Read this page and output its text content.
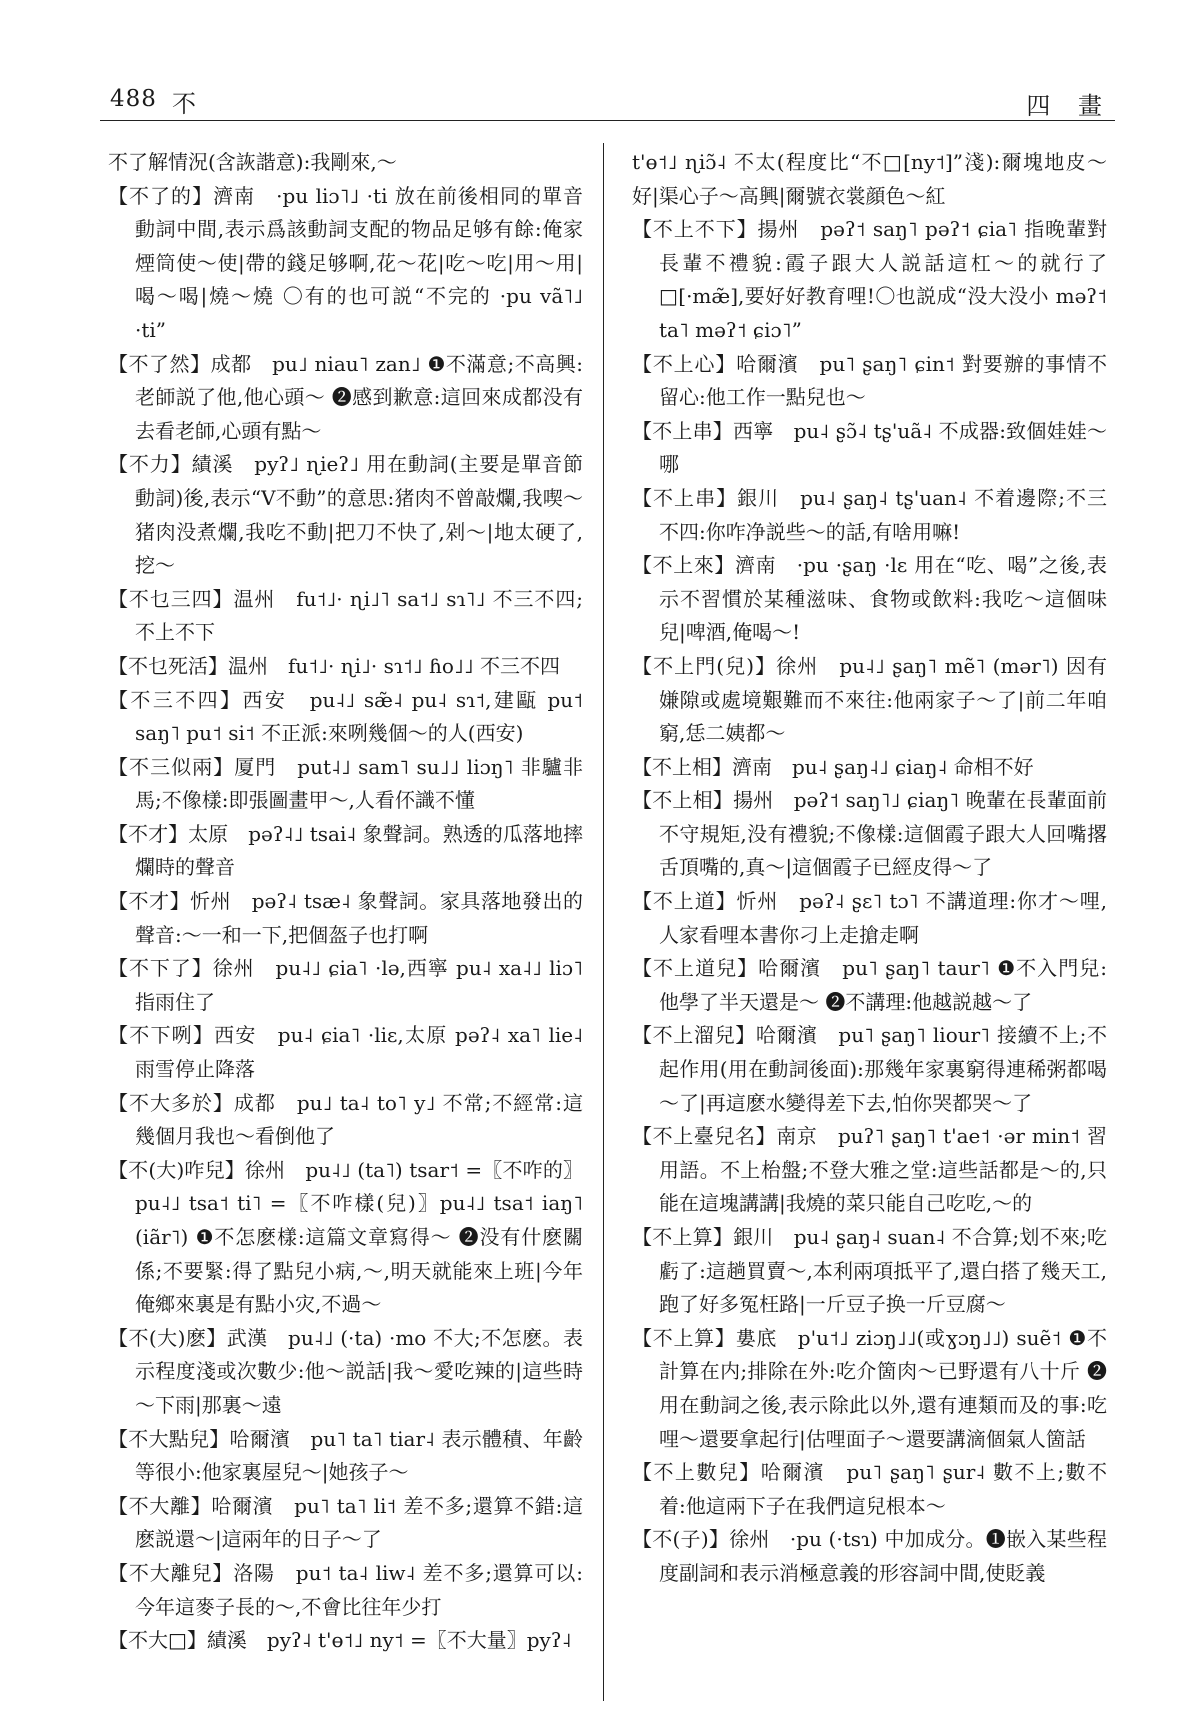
488 不	四 畫

不了解情況(含詼諧意):我剛來,～

【不了的】濟南　·pu liɔ˥˩ ·ti 放在前後相同的單音動詞中間,表示爲該動詞支配的物品足够有餘:俺家煙筒使～使|帶的錢足够啊,花～花|吃～吃|用～用|喝～喝|燒～燒 〇有的也可説“不完的 ·pu vã˥˩ ·ti”

【不了然】成都　pu˩ niau˥ zan˩ ❶不滿意;不高興:老師説了他,他心頭～ ❷感到歉意:這回來成都没有去看老師,心頭有點～

【不力】績溪　pyʔ˩ ɳieʔ˩ 用在動詞(主要是單音節動詞)後,表示“V不動”的意思:猪肉不曾敲爛,我喫～猪肉没煮爛,我吃不動|把刀不快了,剁～|地太硬了,挖～

【不乜三四】温州　fu˦˩· ɳi˩˥ sa˦˩ sɿ˥˩ 不三不四;不上不下

【不乜死活】温州　fu˦˩· ɳi˩· sɿ˦˩ ɦo˩˩ 不三不四

【不三不四】西安　pu˨˩ sæ̃˨ pu˨ sɿ˦,建甌 pu˦ saŋ˥ pu˦ si˦ 不正派:來咧幾個～的人(西安)

【不三似兩】厦門　put˨˩ sam˥ su˩˩ liɔŋ˥ 非驢非馬;不像樣:即張圖畫甲～,人看伓識不懂

【不才】太原　pəʔ˨˩ tsai˨ 象聲詞。熟透的瓜落地摔爛時的聲音

【不才】忻州　pəʔ˨ tsæ˨ 象聲詞。家具落地發出的聲音:～一和一下,把個盔子也打啊

【不下了】徐州　pu˨˩ ɕia˥ ·lə,西寧 pu˨ xa˨˩ liɔ˥ 指雨住了

【不下咧】西安　pu˨ ɕia˥ ·liɛ,太原 pəʔ˨ xa˥ lie˨ 雨雪停止降落

【不大多於】成都　pu˩ ta˨ to˥ y˩ 不常;不經常:這幾個月我也～看倒他了

【不(大)咋兒】徐州　pu˨˩ (ta˥) tsar˦ =〖不咋的〗pu˨˩ tsa˦ ti˥ =〖不咋樣(兒)〗pu˨˩ tsa˦ iaŋ˥ (iãr˥) ❶不怎麽樣:這篇文章寫得～ ❷没有什麽關係;不要緊:得了點兒小病,～,明天就能來上班|今年俺鄉來裏是有點小灾,不過～

【不(大)麽】武漢　pu˨˩ (·ta) ·mo 不大;不怎麽。表示程度淺或次數少:他～説話|我～愛吃辣的|這些時～下雨|那裏～遠

【不大點兒】哈爾濱　pu˥ ta˥ tiar˨ 表示體積、年齡等很小:他家裏屋兒～|她孩子～

【不大離】哈爾濱　pu˥ ta˥ li˦ 差不多;還算不錯:這麽説還～|這兩年的日子～了

【不大離兒】洛陽　pu˦ ta˨ liw˨ 差不多;還算可以:今年這麥子長的～,不會比往年少打

【不大□】績溪　pyʔ˨ t'ɵ˦˩ ny˦ =〖不大量〗pyʔ˨

t'ɵ˦˩ ɳiɔ̃˨ 不太(程度比“不□[ny˦]”淺):爾塊地皮～好|渠心子～高興|爾號衣裳顔色～紅

【不上不下】揚州　pəʔ˦ saŋ˥ pəʔ˦ ɕia˥ 指晚輩對長輩不禮貌:霞子跟大人説話這杠～的就行了□[·mæ̃],要好好教育哩!〇也説成“没大没小 məʔ˦ ta˥ məʔ˦ ɕiɔ˥”

【不上心】哈爾濱　pu˥ ʂaŋ˥ ɕin˦ 對要辦的事情不留心:他工作一點兒也～

【不上串】西寧　pu˨ ʂɔ̃˨ tʂ'uã˨ 不成器:致個娃娃～哪

【不上串】銀川　pu˨ ʂaŋ˨ tʂ'uan˨ 不着邊際;不三不四:你咋净説些～的話,有啥用嘛!

【不上來】濟南　·pu ·ʂaŋ ·lɛ 用在“吃、喝”之後,表示不習慣於某種滋味、食物或飲料:我吃～這個味兒|啤酒,俺喝～!

【不上門(兒)】徐州　pu˨˩ ʂaŋ˥ mẽ˥ (mər˥) 因有嫌隙或處境艱難而不來往:他兩家子～了|前二年咱窮,恁二姨都～

【不上相】濟南　pu˨ ʂaŋ˨˩ ɕiaŋ˨ 命相不好

【不上相】揚州　pəʔ˦ saŋ˥˩ ɕiaŋ˥ 晚輩在長輩面前不守規矩,没有禮貌;不像樣:這個霞子跟大人回嘴撂舌頂嘴的,真～|這個霞子已經皮得～了

【不上道】忻州　pəʔ˨ ʂɛ˥ tɔ˥ 不講道理:你才～哩,人家看哩本書你刁上走搶走啊

【不上道兒】哈爾濱　pu˥ ʂaŋ˥ taur˥ ❶不入門兒:他學了半天還是～ ❷不講理:他越説越～了

【不上溜兒】哈爾濱　pu˥ ʂaŋ˥ liour˥ 接續不上;不起作用(用在動詞後面):那幾年家裏窮得連稀粥都喝～了|再這麽水變得差下去,怕你哭都哭～了

【不上臺兒名】南京　puʔ˥ ʂaŋ˥ t'ae˦ ·ər min˦ 習用語。不上枱盤;不登大雅之堂:這些話都是～的,只能在這塊講講|我燒的菜只能自己吃吃,～的

【不上算】銀川　pu˨ ʂaŋ˨ suan˨ 不合算;划不來;吃虧了:這趟買賣～,本利兩項抵平了,還白搭了幾天工,跑了好多冤枉路|一斤豆子换一斤豆腐～

【不上算】婁底　p'u˦˩ ziɔŋ˩˩(或ɣɔŋ˩˩) suẽ˦ ❶不計算在内;排除在外:吃介箇肉～已野還有八十斤 ❷用在動詞之後,表示除此以外,還有連類而及的事:吃哩～還要拿起行|估哩面子～還要講滴個氣人箇話

【不上數兒】哈爾濱　pu˥ ʂaŋ˥ ʂur˨ 數不上;數不着:他這兩下子在我們這兒根本～

【不(子)】徐州　·pu (·tsɿ) 中加成分。❶嵌入某些程度副詞和表示消極意義的形容詞中間,使貶義
